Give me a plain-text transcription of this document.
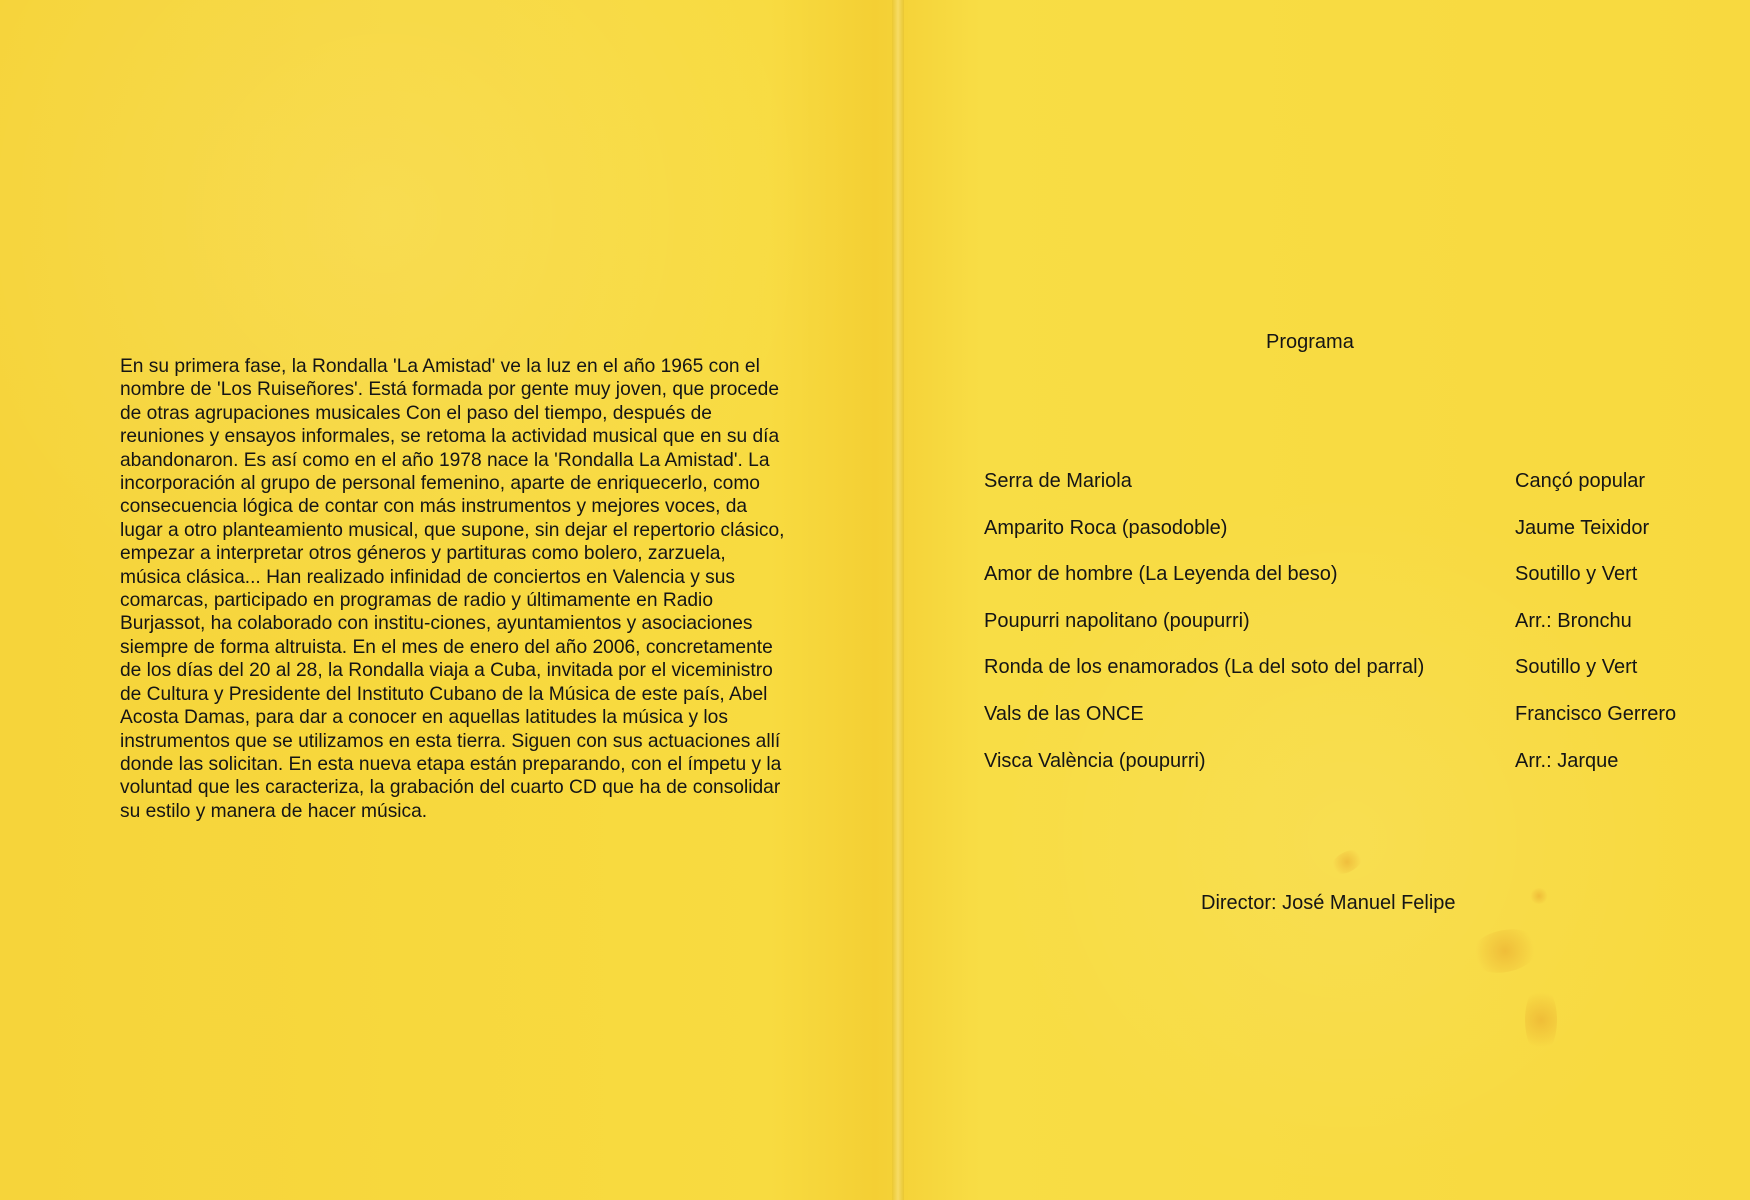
En su primera fase, la Rondalla 'La Amistad' ve la luz en el año 1965 con el nombre de 'Los Ruiseñores'. Está formada por gente muy joven, que procede de otras agrupaciones musicales Con el paso del tiempo, después de reuniones y ensayos informales, se retoma la actividad musical que en su día abandonaron. Es así como en el año 1978 nace la 'Rondalla La Amistad'. La incorporación al grupo de personal femenino, aparte de enriquecerlo, como consecuencia lógica de contar con más instrumentos y mejores voces, da lugar a otro planteamiento musical, que supone, sin dejar el repertorio clásico, empezar a interpretar otros géneros y partituras como bolero, zarzuela, música clásica... Han realizado infinidad de conciertos en Valencia y sus comarcas, participado en programas de radio y últimamente en Radio Burjassot, ha colaborado con institu-ciones, ayuntamientos y asociaciones siempre de forma altruista. En el mes de enero del año 2006, concretamente de los días del 20 al 28, la Rondalla viaja a Cuba, invitada por el viceministro de Cultura y Presidente del Instituto Cubano de la Música de este país, Abel Acosta Damas, para dar a conocer en aquellas latitudes la música y los instrumentos que se utilizamos en esta tierra. Siguen con sus actuaciones allí donde las solicitan. En esta nueva etapa están preparando, con el ímpetu y la voluntad que les caracteriza, la grabación del cuarto CD que ha de consolidar su estilo y manera de hacer música.

Programa
Serra de Mariola	Cançó popular
Amparito Roca (pasodoble)	Jaume Teixidor
Amor de hombre (La Leyenda del beso)	Soutillo y Vert
Poupurri napolitano (poupurri)	Arr.: Bronchu
Ronda de los enamorados (La del soto del parral)	Soutillo y Vert
Vals de las ONCE	Francisco Gerrero
Visca València (poupurri)	Arr.: Jarque
Director: José Manuel Felipe
